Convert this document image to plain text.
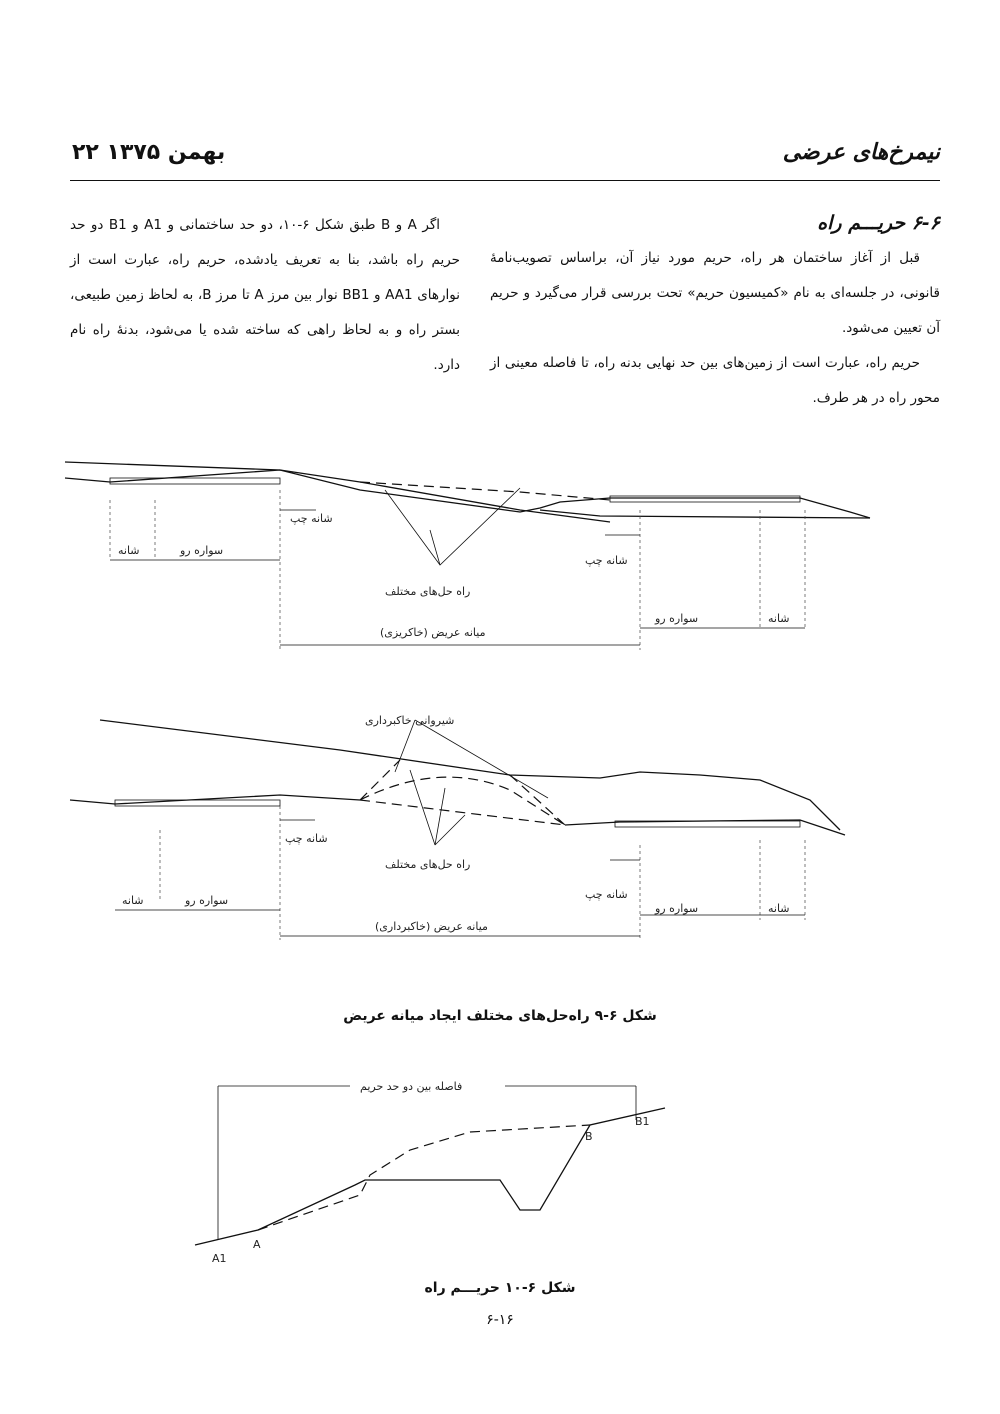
نیمرخ‌های عرضی
۲۲ بهمن ۱۳۷۵

۶-۶ حریـــم راه

قبل از آغاز ساختمان هر راه، حریم مورد نیاز آن، براساس تصویب‌نامهٔ قانونی، در جلسه‌ای به نام «کمیسیون حریم» تحت بررسی قرار می‌گیرد و حریم آن تعیین می‌شود.

حریم راه، عبارت است از زمین‌های بین حد نهایی بدنه راه، تا فاصله معینی از محور راه در هر طرف.

اگر A و B طبق شکل ۶-۱۰، دو حد ساختمانی و A1 و B1 دو حد حریم راه باشد، بنا به تعریف یادشده، حریم راه، عبارت است از نوارهای AA1 و BB1 نوار بین مرز A تا مرز B، به لحاظ زمین طبیعی، بستر راه و به لحاظ راهی که ساخته شده یا می‌شود، بدنهٔ راه نام دارد.

شانه چپ
شانه	سواره رو
شانه چپ
راه حل‌های مختلف
سواره رو	شانه
میانه عریض (خاکریزی)
شیروانی خاکبرداری
شانه چپ
راه حل‌های مختلف
شانه	سواره رو	شانه چپ
سواره رو	شانه
میانه عریض (خاکبرداری)
شکل ۶-۹ راه‌حل‌های مختلف ایجاد میانه عریض
فاصله بین دو حد حریم
A1
A
B
B1
شکل ۶-۱۰ حریـــم راه
۶-۱۶
